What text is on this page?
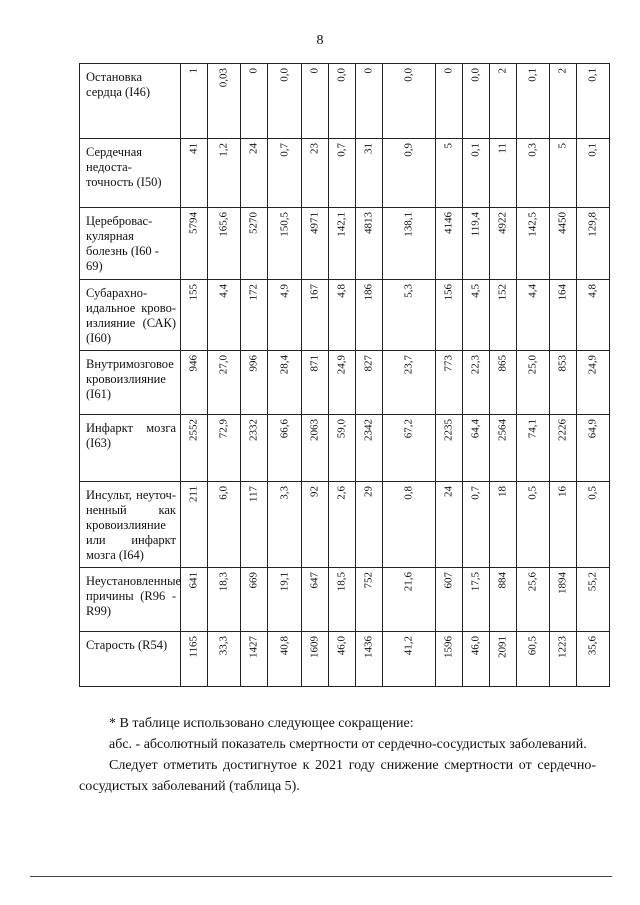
8
Остановка сердца (I46)	1	0,03	0	0,0	0	0,0	0	0,0	0	0,0	2	0,1	2	0,1

Сердечная недоста-точность (I50)	41	1,2	24	0,7	23	0,7	31	0,9	5	0,1	11	0,3	5	0,1

Цереброваc-кулярная болезнь (I60 - 69)	5794	165,6	5270	150,5	4971	142,1	4813	138,1	4146	119,4	4922	142,5	4450	129,8

Субарахно-идальное крово-излияние (САК) (I60)	155	4,4	172	4,9	167	4,8	186	5,3	156	4,5	152	4,4	164	4,8

Внутримозговое кровоизлияние (I61)	946	27,0	996	28,4	871	24,9	827	23,7	773	22,3	865	25,0	853	24,9

Инфаркт мозга (I63)	2552	72,9	2332	66,6	2063	59,0	2342	67,2	2235	64,4	2564	74,1	2226	64,9

Инсульт, неуточ-ненный как кровоизлияние или инфаркт мозга (I64)	211	6,0	117	3,3	92	2,6	29	0,8	24	0,7	18	0,5	16	0,5

Неустановленные причины (R96 - R99)	641	18,3	669	19,1	647	18,5	752	21,6	607	17,5	884	25,6	1894	55,2

Старость (R54)	1165	33,3	1427	40,8	1609	46,0	1436	41,2	1596	46,0	2091	60,5	1223	35,6

* В таблице использовано следующее сокращение:

абс. - абсолютный показатель смертности от сердечно-сосудистых заболеваний.

Следует отметить достигнутое к 2021 году снижение смертности от сердечно-сосудистых заболеваний (таблица 5).
